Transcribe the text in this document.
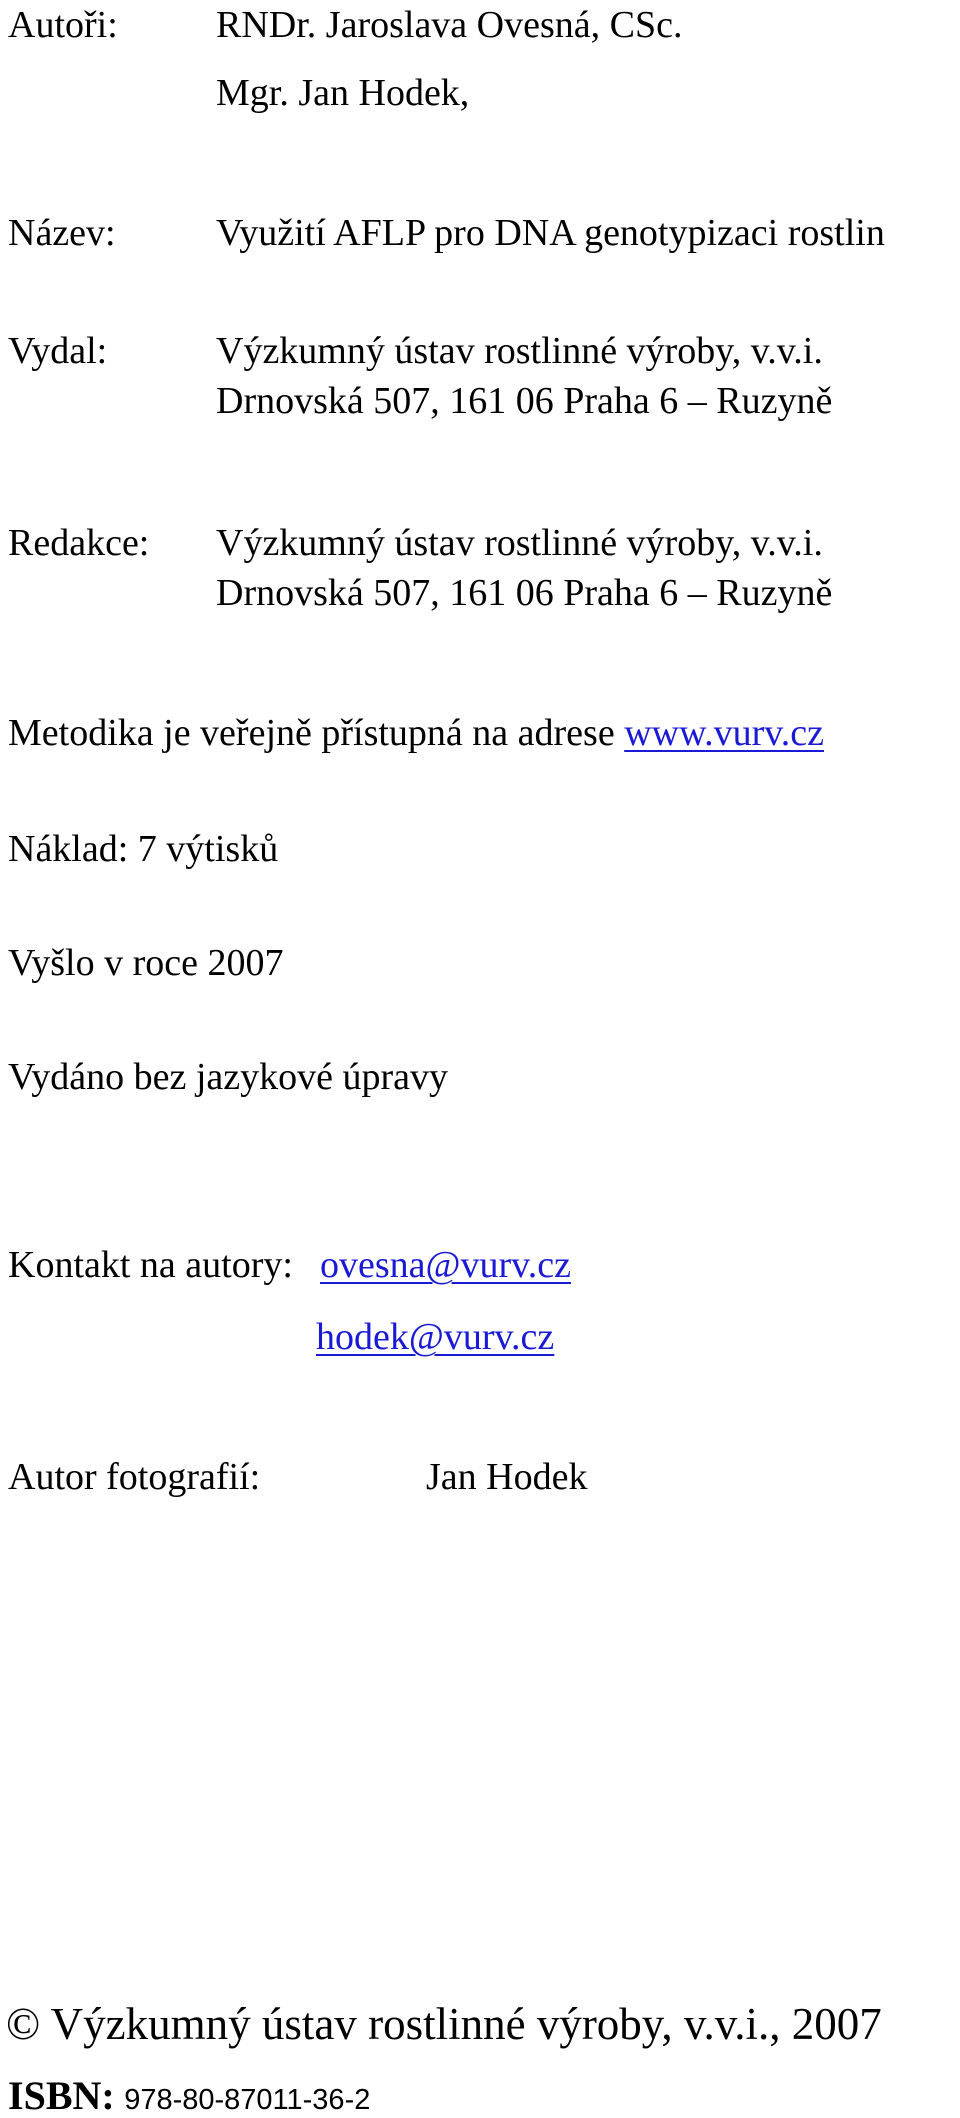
Autoři:	RNDr. Jaroslava Ovesná, CSc.
Mgr. Jan Hodek,
Název:	Využití AFLP pro DNA genotypizaci rostlin
Vydal:	Výzkumný ústav rostlinné výroby, v.v.i.
Drnovská 507, 161 06 Praha 6 – Ruzyně
Redakce: Výzkumný ústav rostlinné výroby, v.v.i.
Drnovská 507, 161 06 Praha 6 – Ruzyně
Metodika je veřejně přístupná na adrese www.vurv.cz
Náklad: 7 výtisků
Vyšlo v roce 2007
Vydáno bez jazykové úpravy
Kontakt na autory: ovesna@vurv.cz
hodek@vurv.cz
Autor fotografií:	Jan Hodek
© Výzkumný ústav rostlinné výroby, v.v.i., 2007
ISBN: 978-80-87011-36-2
